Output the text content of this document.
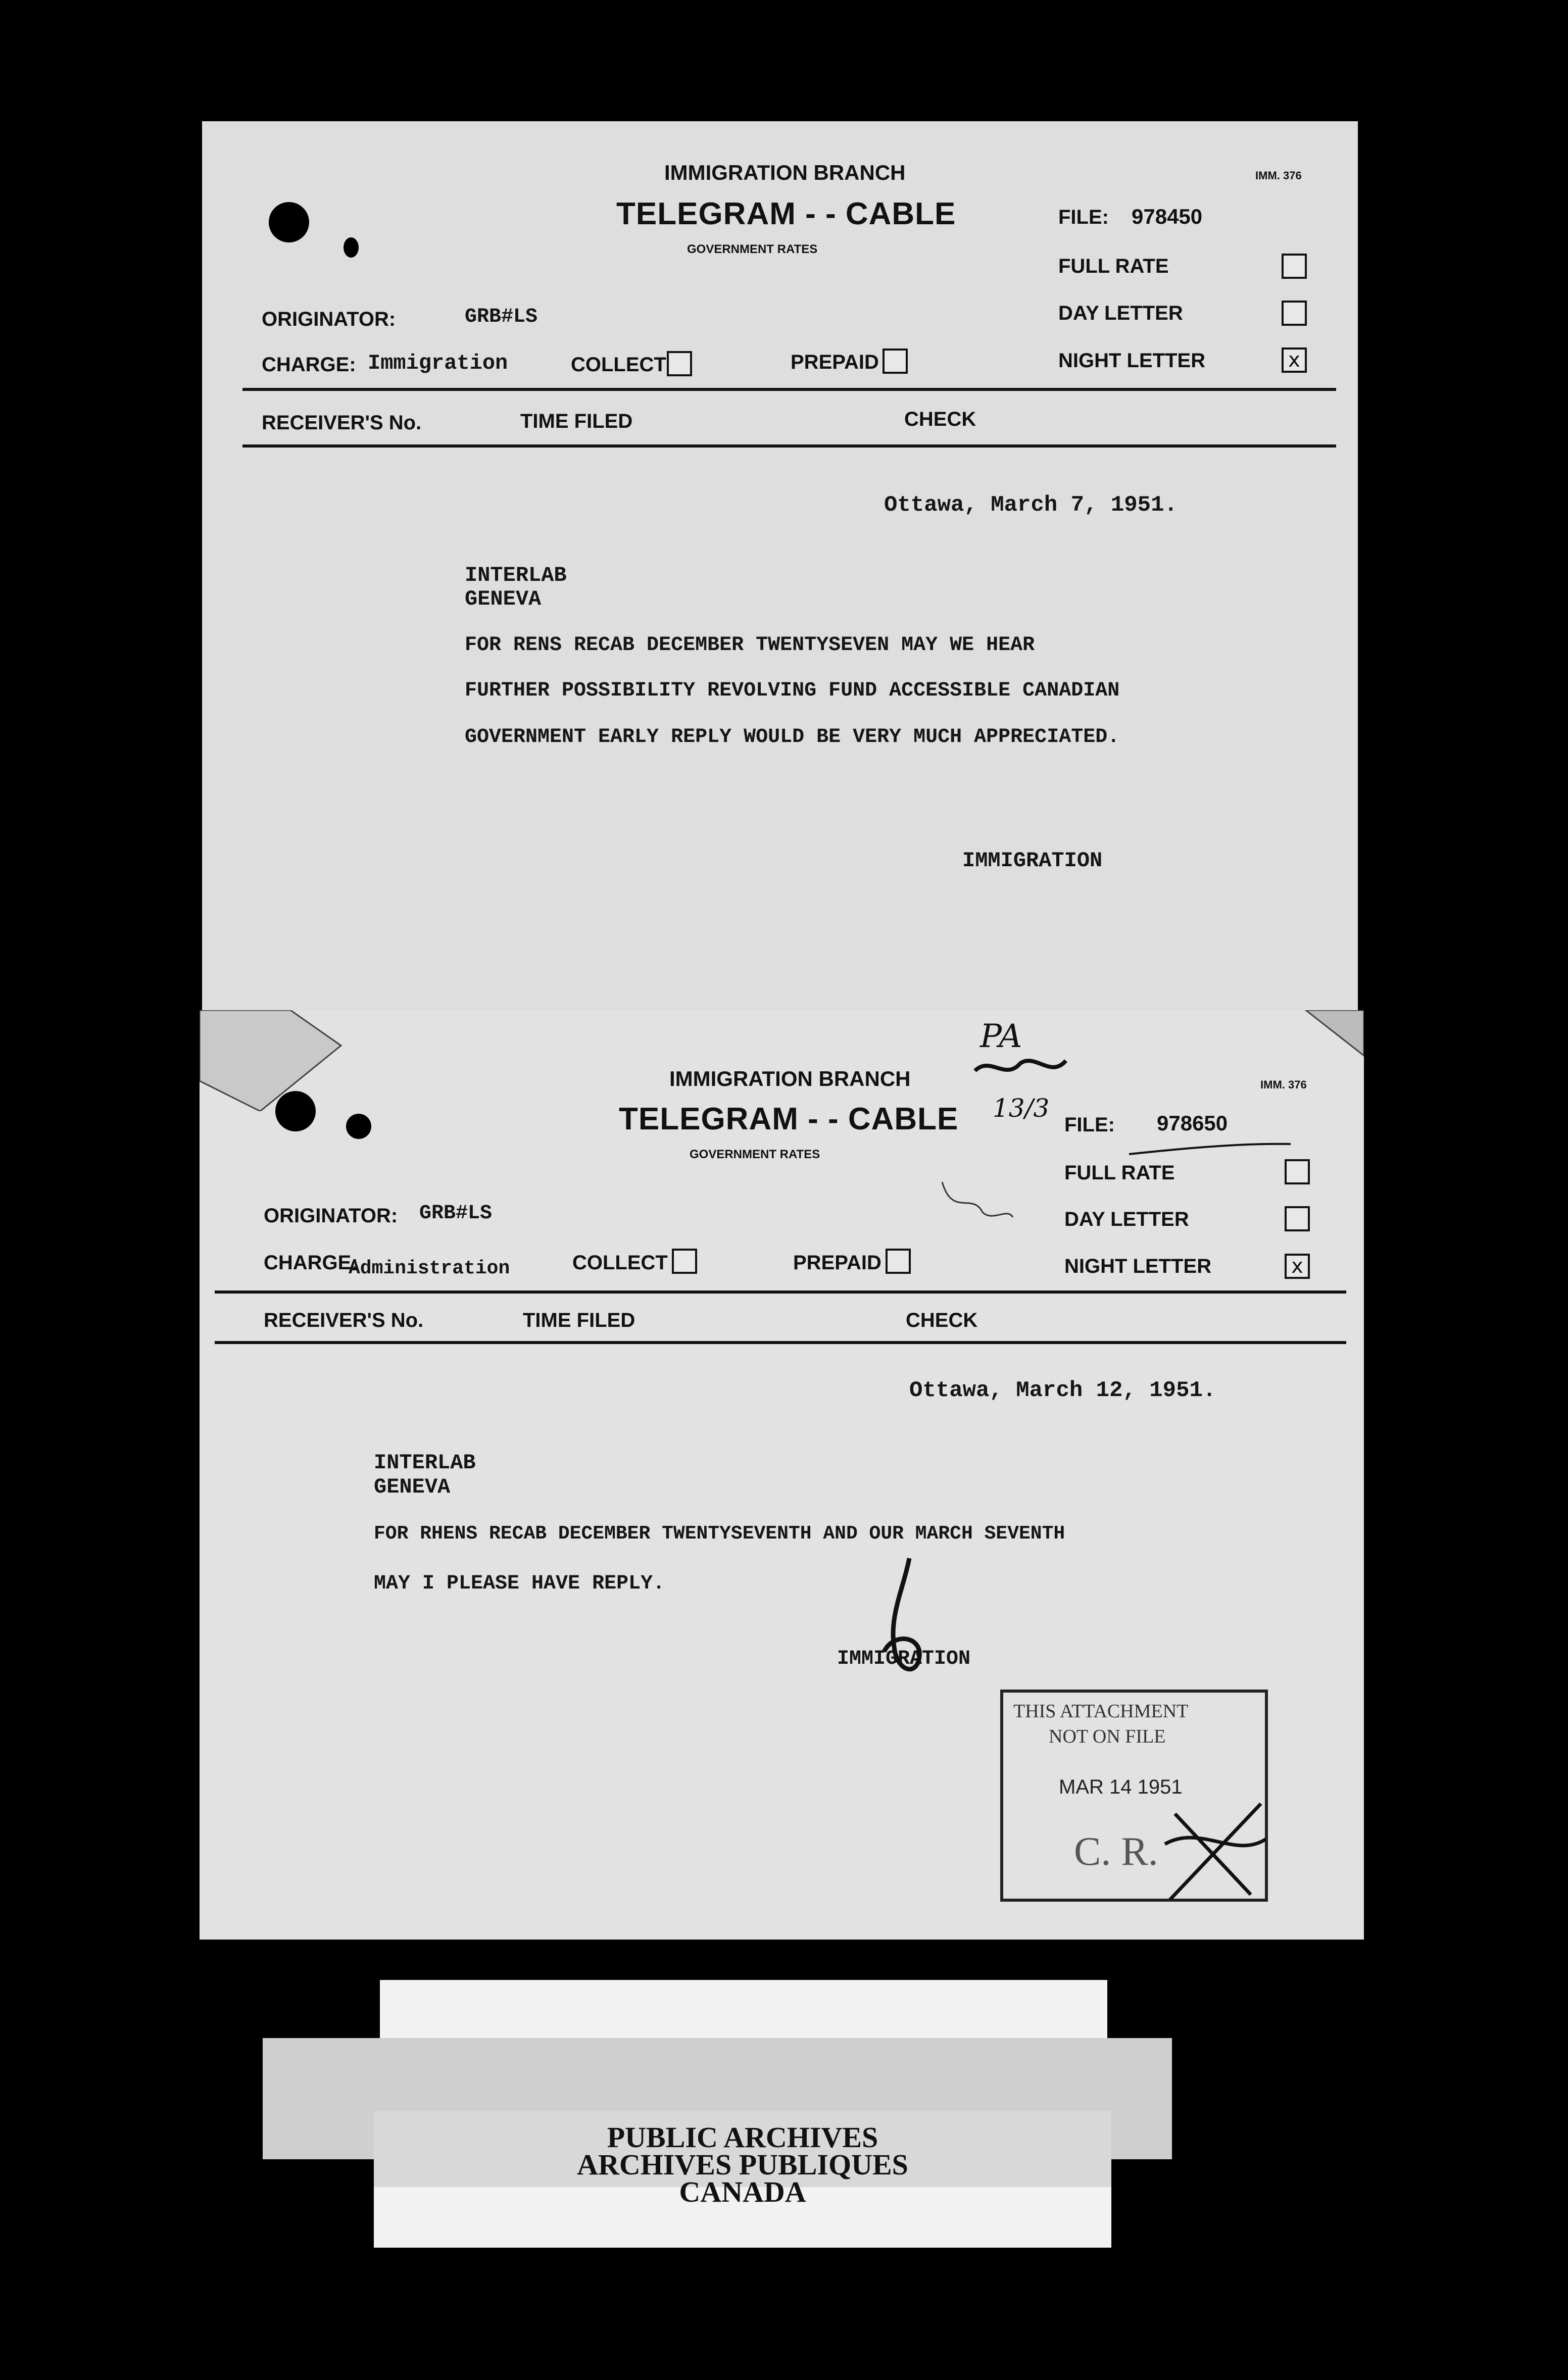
IMMIGRATION BRANCH	IMM. 376
TELEGRAM - - CABLE
GOVERNMENT RATES
FILE: 978450
FULL RATE
DAY LETTER
NIGHT LETTER	x
ORIGINATOR:	GRB#LS
CHARGE: Immigration	COLLECT	PREPAID
RECEIVER'S No.	TIME FILED	CHECK
Ottawa, March 7, 1951.
INTERLAB
GENEVA
FOR RENS RECAB DECEMBER TWENTYSEVEN MAY WE HEAR
FURTHER POSSIBILITY REVOLVING FUND ACCESSIBLE CANADIAN
GOVERNMENT EARLY REPLY WOULD BE VERY MUCH APPRECIATED.
IMMIGRATION
IMMIGRATION BRANCH	IMM. 376
TELEGRAM - - CABLE
GOVERNMENT RATES
PA
13/3
FILE: 978650
FULL RATE
DAY LETTER
NIGHT LETTER	x
ORIGINATOR: GRB#LS
CHARGE:
Administration	COLLECT	PREPAID
RECEIVER'S No.	TIME FILED	CHECK
Ottawa, March 12, 1951.
INTERLAB
GENEVA
FOR RHENS RECAB DECEMBER TWENTYSEVENTH AND OUR MARCH SEVENTH
MAY I PLEASE HAVE REPLY.
IMMIGRATION
THIS ATTACHMENT
NOT ON FILE
MAR 14 1951
C. R.
PUBLIC ARCHIVES
ARCHIVES PUBLIQUES
CANADA
